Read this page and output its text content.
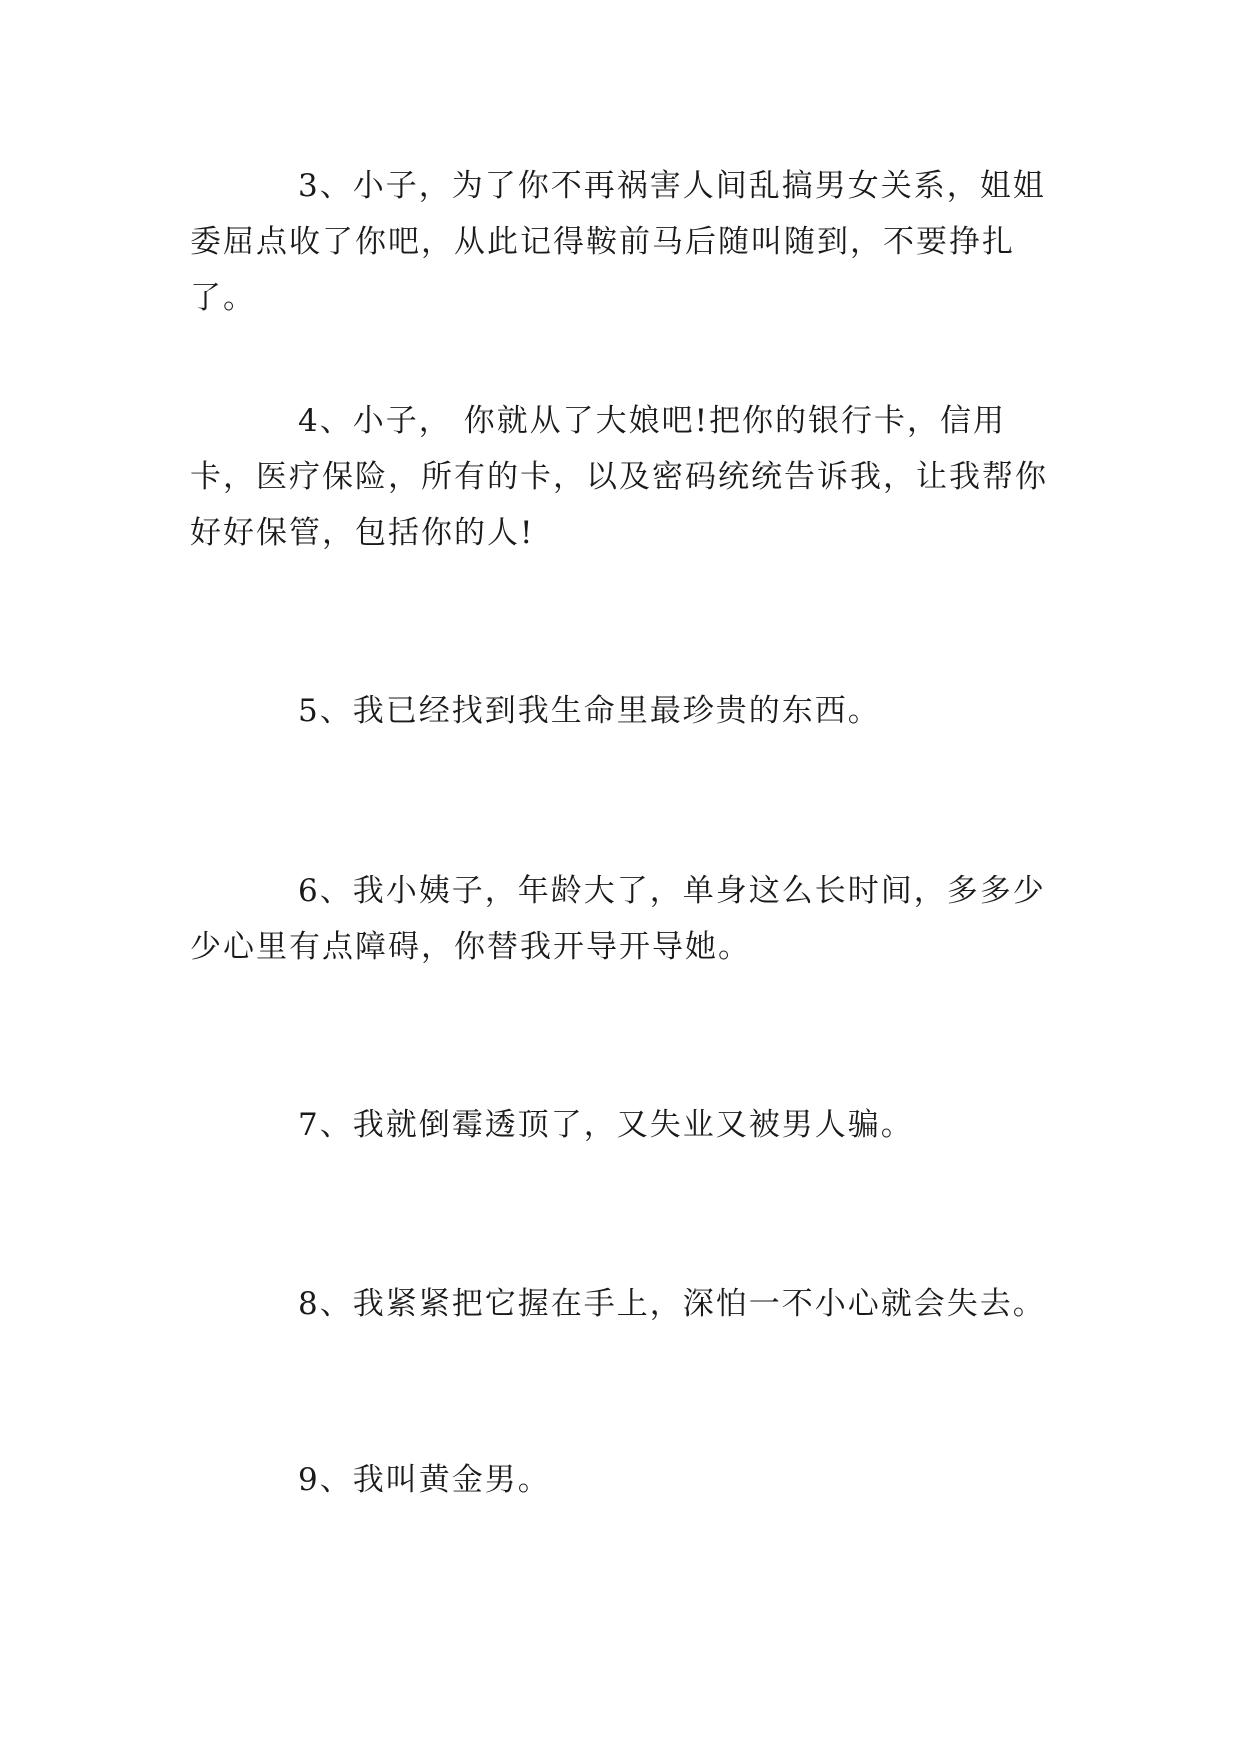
3、小子，为了你不再祸害人间乱搞男女关系，姐姐委屈点收了你吧，从此记得鞍前马后随叫随到，不要挣扎了。

4、小子， 你就从了大娘吧!把你的银行卡，信用卡，医疗保险，所有的卡，以及密码统统告诉我，让我帮你好好保管，包括你的人!

5、我已经找到我生命里最珍贵的东西。

6、我小姨子，年龄大了，单身这么长时间，多多少少心里有点障碍，你替我开导开导她。

7、我就倒霉透顶了，又失业又被男人骗。

8、我紧紧把它握在手上，深怕一不小心就会失去。

9、我叫黄金男。
